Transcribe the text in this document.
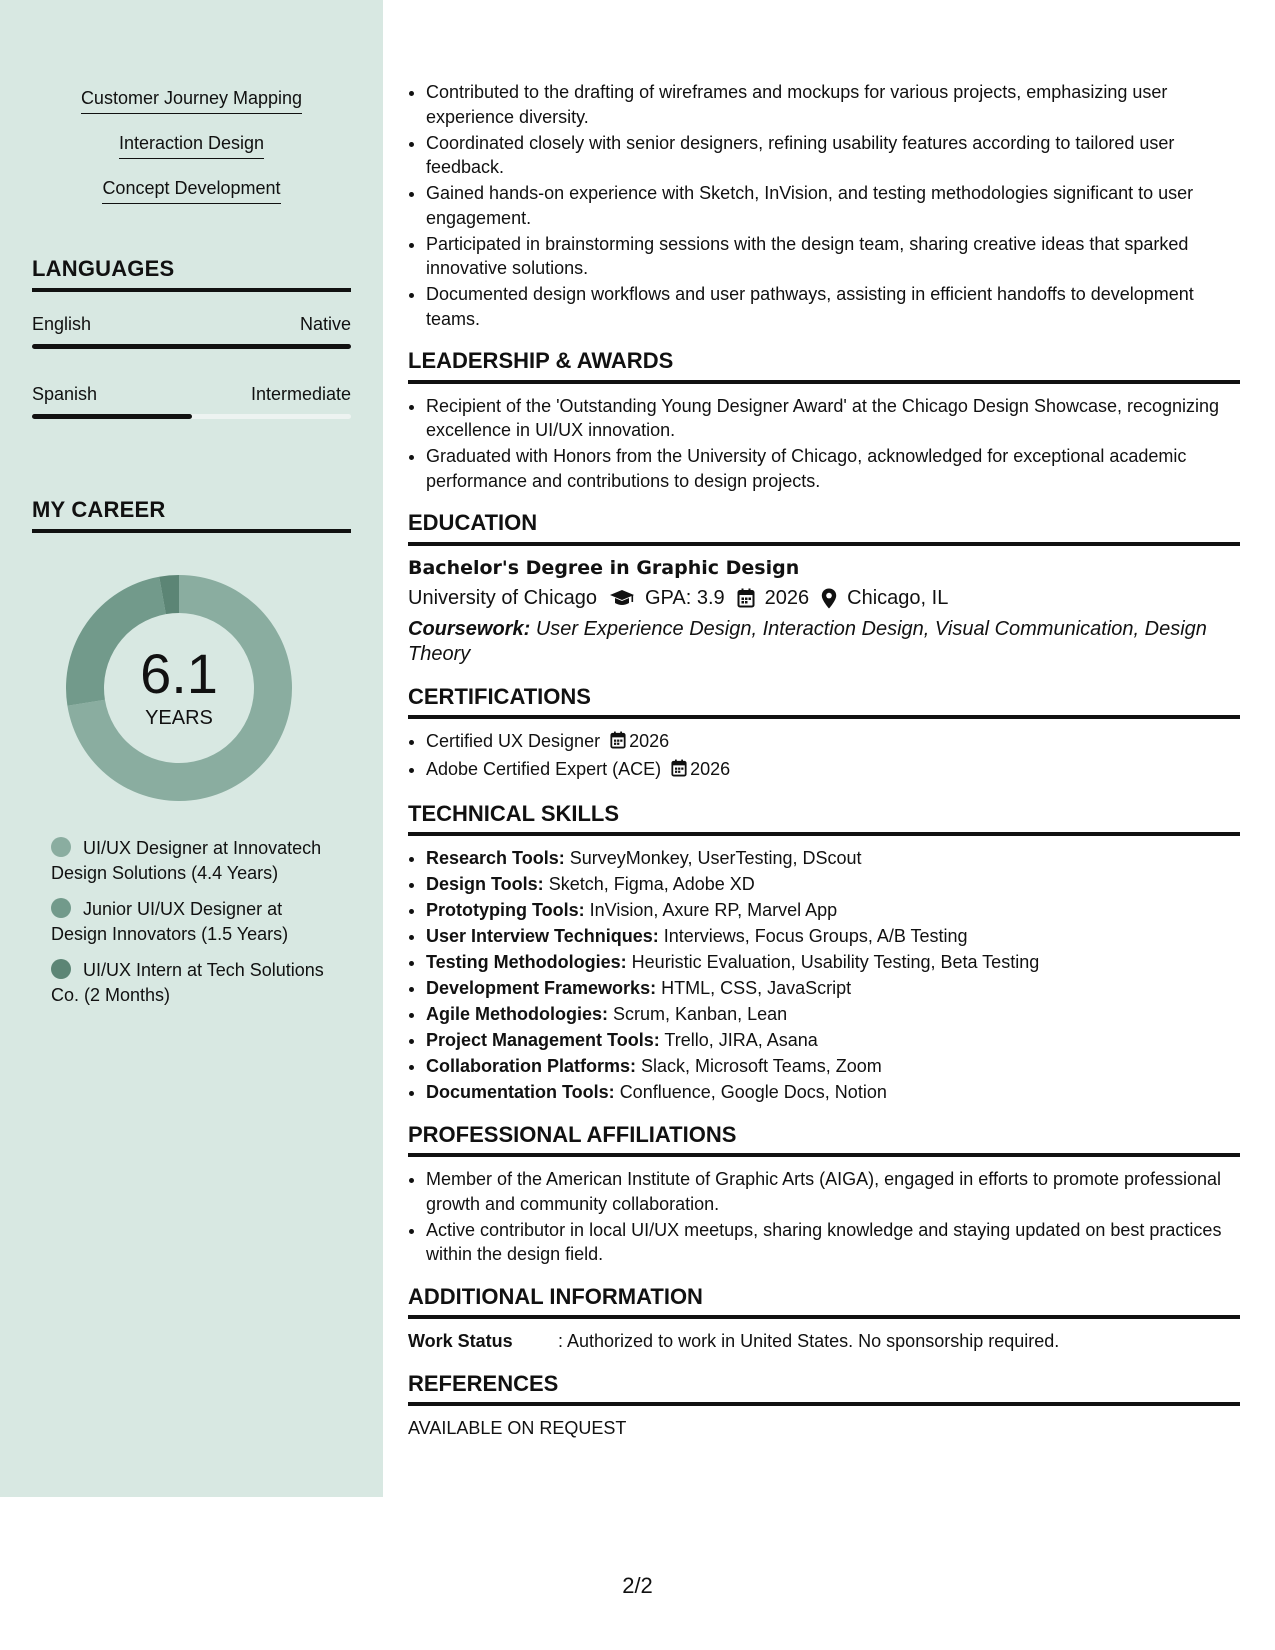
Customer Journey Mapping
Interaction Design
Concept Development
LANGUAGES
English	Native
Spanish	Intermediate
MY CAREER
6.1
YEARS
UI/UX Designer at Innovatech Design Solutions (4.4 Years)
Junior UI/UX Designer at Design Innovators (1.5 Years)
UI/UX Intern at Tech Solutions Co. (2 Months)
• Contributed to the drafting of wireframes and mockups for various projects, emphasizing user experience diversity.
• Coordinated closely with senior designers, refining usability features according to tailored user feedback.
• Gained hands-on experience with Sketch, InVision, and testing methodologies significant to user engagement.
• Participated in brainstorming sessions with the design team, sharing creative ideas that sparked innovative solutions.
• Documented design workflows and user pathways, assisting in efficient handoffs to development teams.
LEADERSHIP & AWARDS
• Recipient of the 'Outstanding Young Designer Award' at the Chicago Design Showcase, recognizing excellence in UI/UX innovation.
• Graduated with Honors from the University of Chicago, acknowledged for exceptional academic performance and contributions to design projects.
EDUCATION
Bachelor's Degree in Graphic Design
University of Chicago GPA: 3.9 2026 Chicago, IL
Coursework: User Experience Design, Interaction Design, Visual Communication, Design Theory
CERTIFICATIONS
• Certified UX Designer 2026
• Adobe Certified Expert (ACE) 2026
TECHNICAL SKILLS
• Research Tools: SurveyMonkey, UserTesting, DScout
• Design Tools: Sketch, Figma, Adobe XD
• Prototyping Tools: InVision, Axure RP, Marvel App
• User Interview Techniques: Interviews, Focus Groups, A/B Testing
• Testing Methodologies: Heuristic Evaluation, Usability Testing, Beta Testing
• Development Frameworks: HTML, CSS, JavaScript
• Agile Methodologies: Scrum, Kanban, Lean
• Project Management Tools: Trello, JIRA, Asana
• Collaboration Platforms: Slack, Microsoft Teams, Zoom
• Documentation Tools: Confluence, Google Docs, Notion
PROFESSIONAL AFFILIATIONS
• Member of the American Institute of Graphic Arts (AIGA), engaged in efforts to promote professional growth and community collaboration.
• Active contributor in local UI/UX meetups, sharing knowledge and staying updated on best practices within the design field.
ADDITIONAL INFORMATION
Work Status	: Authorized to work in United States. No sponsorship required.
REFERENCES
AVAILABLE ON REQUEST
2/2
